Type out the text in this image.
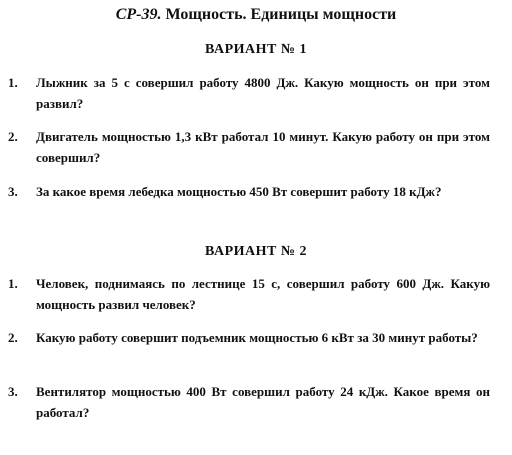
СР-39. Мощность. Единицы мощности
ВАРИАНТ № 1
1.	Лыжник за 5 с совершил работу 4800 Дж. Какую мощность он при этом развил?
2.	Двигатель мощностью 1,3 кВт работал 10 минут. Какую работу он при этом совершил?
3.	За какое время лебедка мощностью 450 Вт совершит работу 18 кДж?
ВАРИАНТ № 2
1.	Человек, поднимаясь по лестнице 15 с, совершил работу 600 Дж. Какую мощность развил человек?
2.	Какую работу совершит подъемник мощностью 6 кВт за 30 минут работы?
3.	Вентилятор мощностью 400 Вт совершил работу 24 кДж. Какое время он работал?
